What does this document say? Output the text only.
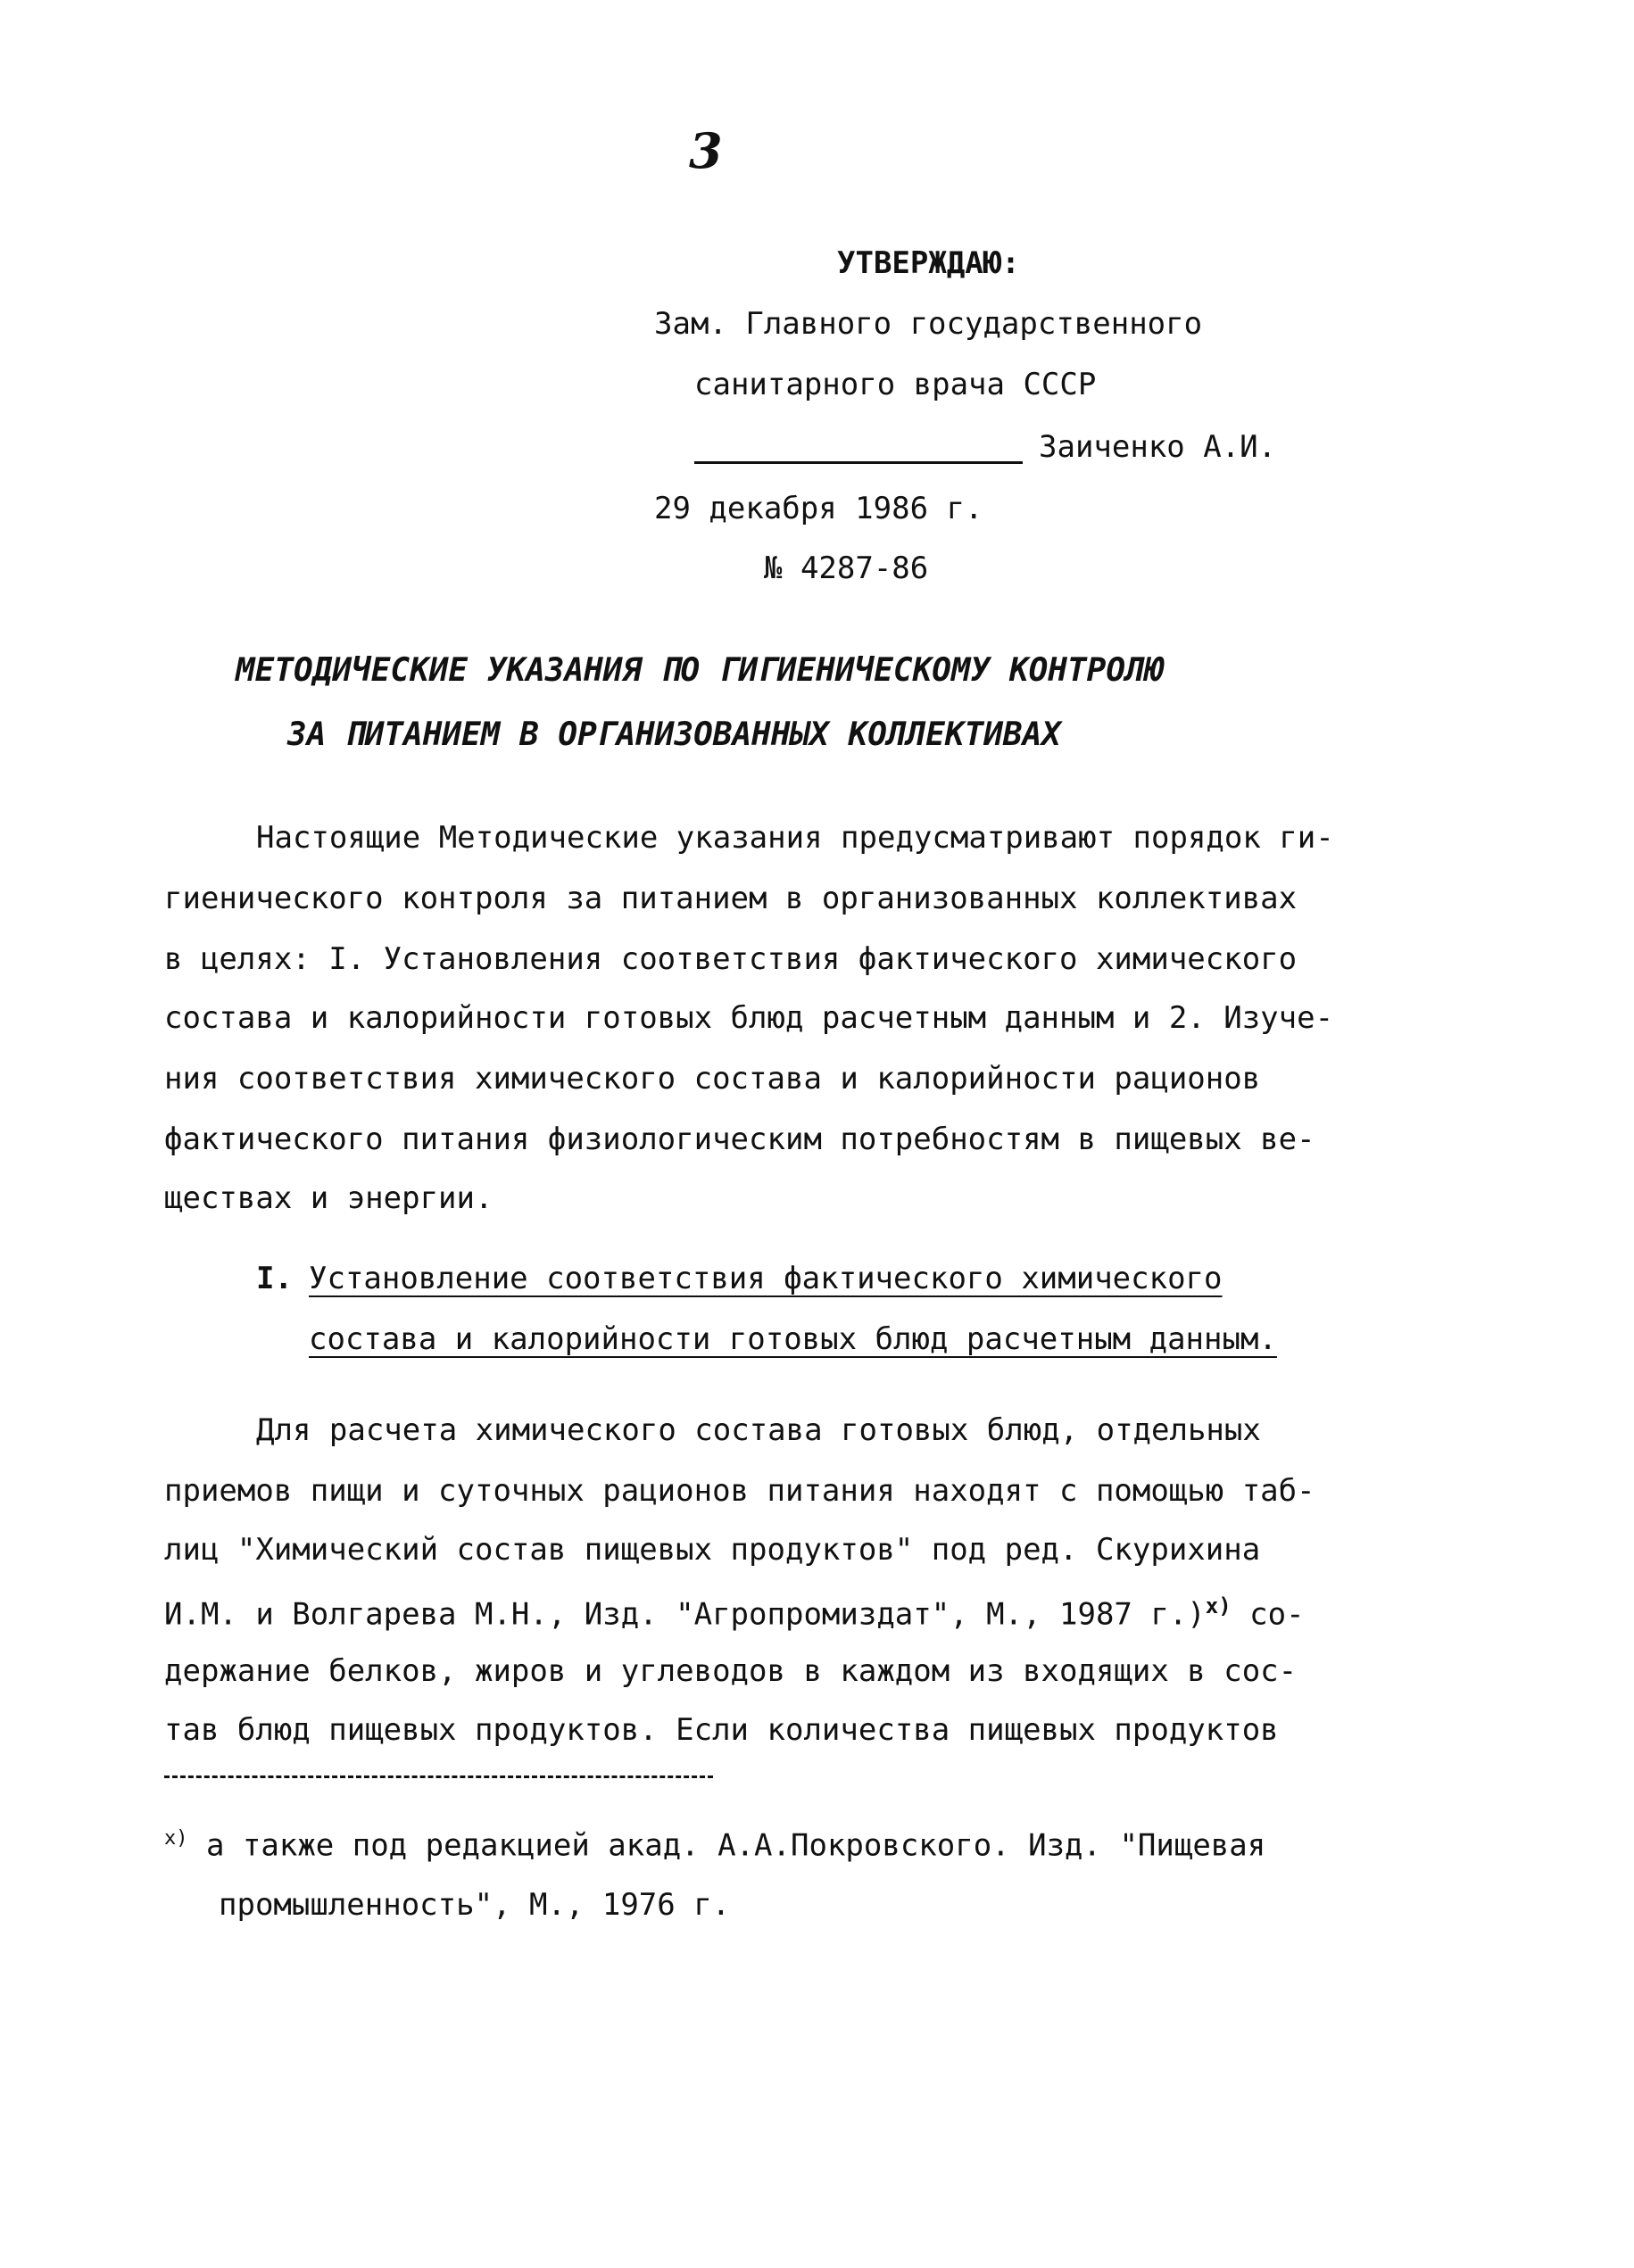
3
УТВЕРЖДАЮ:
Зам. Главного государственного
санитарного врача СССР
Заиченко А.И.
29 декабря 1986 г.
№ 4287-86
МЕТОДИЧЕСКИЕ УКАЗАНИЯ ПО ГИГИЕНИЧЕСКОМУ КОНТРОЛЮ
ЗА ПИТАНИЕМ В ОРГАНИЗОВАННЫХ КОЛЛЕКТИВАХ
Настоящие Методические указания предусматривают порядок ги-
гиенического контроля за питанием в организованных коллективах
в целях: I. Установления соответствия фактического химического
состава и калорийности готовых блюд расчетным данным и 2. Изуче-
ния соответствия химического состава и калорийности рационов
фактического питания физиологическим потребностям в пищевых ве-
ществах и энергии.
I. Установление соответствия фактического химического
состава и калорийности готовых блюд расчетным данным.
Для расчета химического состава готовых блюд, отдельных
приемов пищи и суточных рационов питания находят с помощью таб-
лиц "Химический состав пищевых продуктов" под ред. Скурихина
И.М. и Волгарева М.Н., Изд. "Агропромиздат", М., 1987 г.)$^{x)}$ со-
держание белков, жиров и углеводов в каждом из входящих в сос-
тав блюд пищевых продуктов. Если количества пищевых продуктов
$^{x)}$ а также под редакцией акад. А.А.Покровского. Изд. "Пищевая
промышленность", М., 1976 г.
